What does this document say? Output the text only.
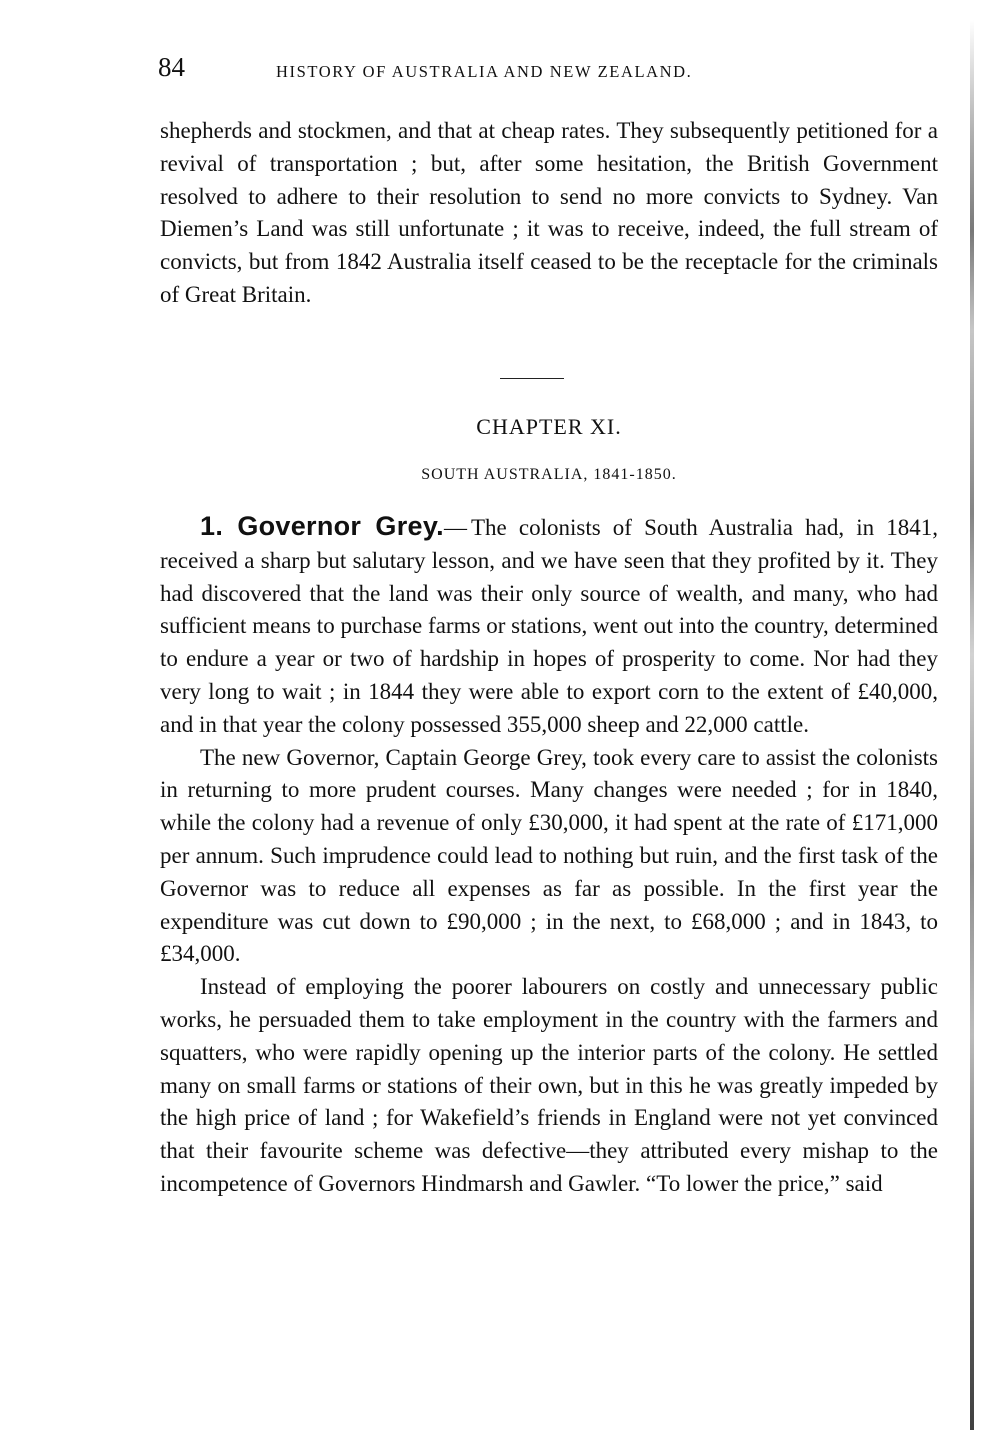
84	HISTORY OF AUSTRALIA AND NEW ZEALAND.

shepherds and stockmen, and that at cheap rates. They subsequently petitioned for a revival of transportation ; but, after some hesitation, the British Government resolved to adhere to their resolution to send no more convicts to Sydney. Van Diemen’s Land was still unfortunate ; it was to receive, indeed, the full stream of convicts, but from 1842 Australia itself ceased to be the receptacle for the criminals of Great Britain.

CHAPTER XI.
SOUTH AUSTRALIA, 1841-1850.

1. Governor Grey.— The colonists of South Australia had, in 1841, received a sharp but salutary lesson, and we have seen that they profited by it. They had discovered that the land was their only source of wealth, and many, who had sufficient means to purchase farms or stations, went out into the country, determined to endure a year or two of hardship in hopes of prosperity to come. Nor had they very long to wait ; in 1844 they were able to export corn to the extent of £40,000, and in that year the colony possessed 355,000 sheep and 22,000 cattle.

The new Governor, Captain George Grey, took every care to assist the colonists in returning to more prudent courses. Many changes were needed ; for in 1840, while the colony had a revenue of only £30,000, it had spent at the rate of £171,000 per annum. Such imprudence could lead to nothing but ruin, and the first task of the Governor was to reduce all expenses as far as possible. In the first year the expenditure was cut down to £90,000 ; in the next, to £68,000 ; and in 1843, to £34,000.

Instead of employing the poorer labourers on costly and unnecessary public works, he persuaded them to take employment in the country with the farmers and squatters, who were rapidly opening up the interior parts of the colony. He settled many on small farms or stations of their own, but in this he was greatly impeded by the high price of land ; for Wakefield’s friends in England were not yet convinced that their favourite scheme was defective—they attributed every mishap to the incompetence of Governors Hindmarsh and Gawler. “To lower the price,” said
